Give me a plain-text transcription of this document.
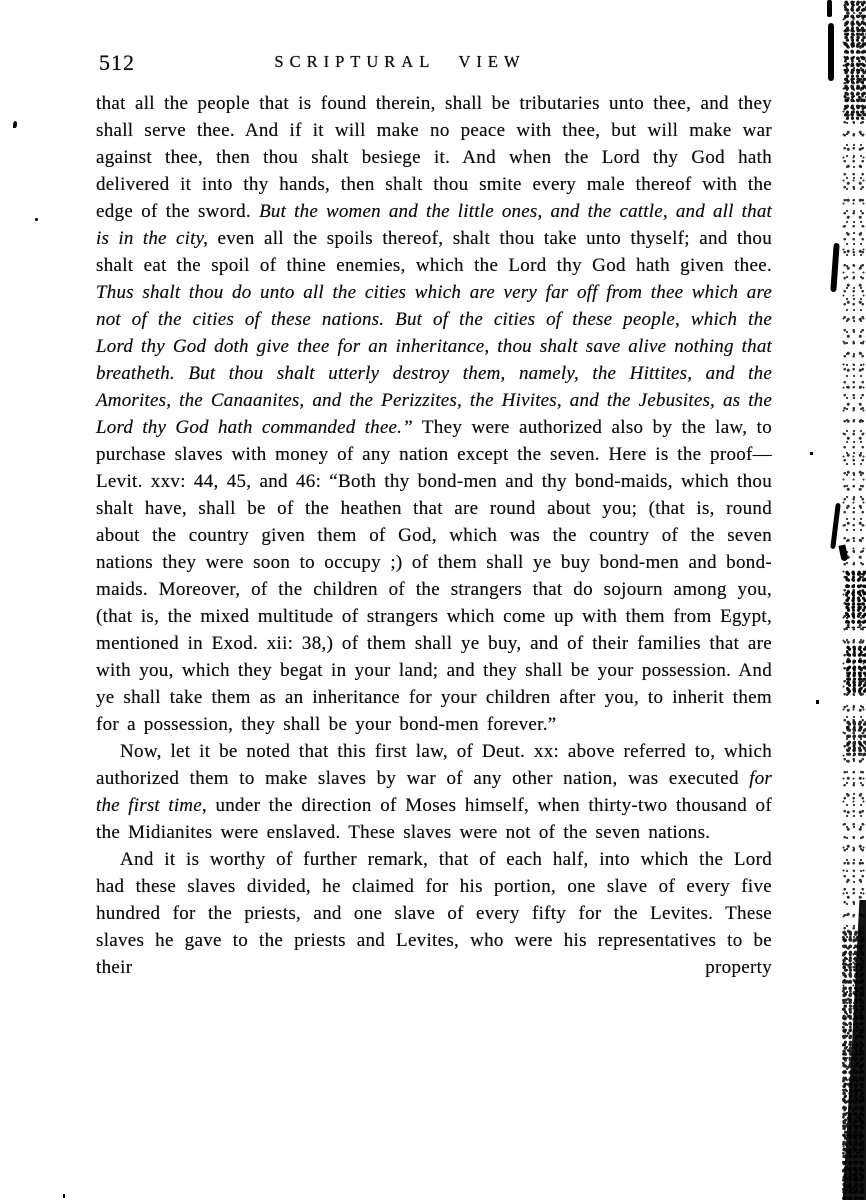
512	SCRIPTURAL VIEW

that all the people that is found therein, shall be tributaries unto thee, and they shall serve thee. And if it will make no peace with thee, but will make war against thee, then thou shalt besiege it. And when the Lord thy God hath delivered it into thy hands, then shalt thou smite every male thereof with the edge of the sword. But the women and the little ones, and the cattle, and all that is in the city, even all the spoils thereof, shalt thou take unto thyself; and thou shalt eat the spoil of thine enemies, which the Lord thy God hath given thee. Thus shalt thou do unto all the cities which are very far off from thee which are not of the cities of these nations. But of the cities of these people, which the Lord thy God doth give thee for an inheritance, thou shalt save alive nothing that breatheth. But thou shalt utterly destroy them, namely, the Hittites, and the Amorites, the Canaanites, and the Perizzites, the Hivites, and the Jebusites, as the Lord thy God hath commanded thee.” They were authorized also by the law, to purchase slaves with money of any nation except the seven. Here is the proof—Levit. xxv: 44, 45, and 46: “Both thy bond-men and thy bond-maids, which thou shalt have, shall be of the heathen that are round about you; (that is, round about the country given them of God, which was the country of the seven nations they were soon to occupy ;) of them shall ye buy bond-men and bond-maids. Moreover, of the children of the strangers that do sojourn among you, (that is, the mixed multitude of strangers which come up with them from Egypt, mentioned in Exod. xii: 38,) of them shall ye buy, and of their families that are with you, which they begat in your land; and they shall be your possession. And ye shall take them as an inheritance for your children after you, to inherit them for a possession, they shall be your bond-men forever.”

Now, let it be noted that this first law, of Deut. xx: above referred to, which authorized them to make slaves by war of any other nation, was executed for the first time, under the direction of Moses himself, when thirty-two thousand of the Midianites were enslaved. These slaves were not of the seven nations.

And it is worthy of further remark, that of each half, into which the Lord had these slaves divided, he claimed for his portion, one slave of every five hundred for the priests, and one slave of every fifty for the Levites. These slaves he gave to the priests and Levites, who were his representatives to be their property
